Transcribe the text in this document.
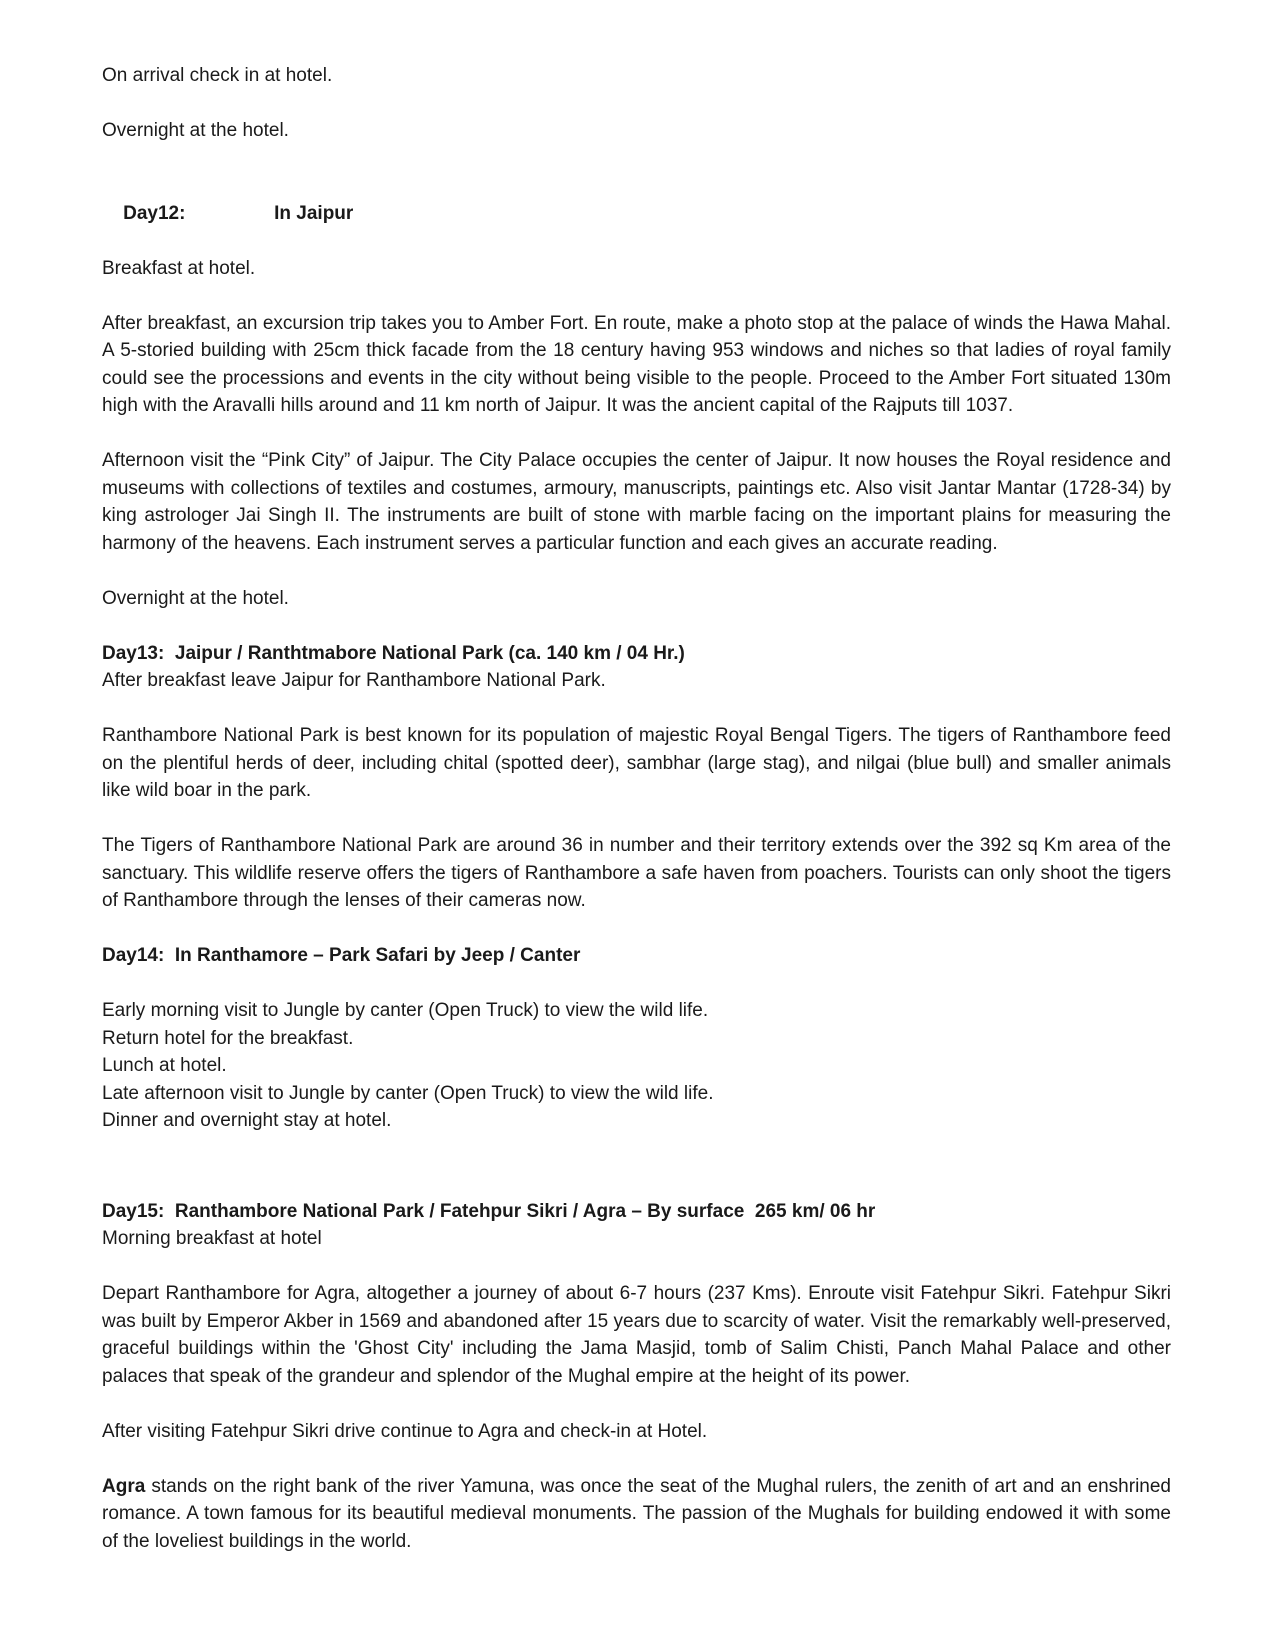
On arrival check in at hotel.
Overnight at the hotel.

Day12:	In Jaipur

Breakfast at hotel.
After breakfast, an excursion trip takes you to Amber Fort. En route, make a photo stop at the palace of winds the Hawa Mahal. A 5-storied building with 25cm thick facade from the 18 century having 953 windows and niches so that ladies of royal family could see the processions and events in the city without being visible to the people. Proceed to the Amber Fort situated 130m high with the Aravalli hills around and 11 km north of Jaipur. It was the ancient capital of the Rajputs till 1037.
Afternoon visit the “Pink City” of Jaipur. The City Palace occupies the center of Jaipur. It now houses the Royal residence and museums with collections of textiles and costumes, armoury, manuscripts, paintings etc. Also visit Jantar Mantar (1728-34) by king astrologer Jai Singh II. The instruments are built of stone with marble facing on the important plains for measuring the harmony of the heavens. Each instrument serves a particular function and each gives an accurate reading.
Overnight at the hotel.
Day13:  Jaipur / Ranthtmabore National Park (ca. 140 km / 04 Hr.)
After breakfast leave Jaipur for Ranthambore National Park.
Ranthambore National Park is best known for its population of majestic Royal Bengal Tigers. The tigers of Ranthambore feed on the plentiful herds of deer, including chital (spotted deer), sambhar (large stag), and nilgai (blue bull) and smaller animals like wild boar in the park.
The Tigers of Ranthambore National Park are around 36 in number and their territory extends over the 392 sq Km area of the sanctuary. This wildlife reserve offers the tigers of Ranthambore a safe haven from poachers. Tourists can only shoot the tigers of Ranthambore through the lenses of their cameras now.
Day14:  In Ranthamore – Park Safari by Jeep / Canter
Early morning visit to Jungle by canter (Open Truck) to view the wild life.
Return hotel for the breakfast.
Lunch at hotel.
Late afternoon visit to Jungle by canter (Open Truck) to view the wild life.
Dinner and overnight stay at hotel.
Day15:  Ranthambore National Park / Fatehpur Sikri / Agra – By surface  265 km/ 06 hr
Morning breakfast at hotel
Depart Ranthambore for Agra, altogether a journey of about 6-7 hours (237 Kms). Enroute visit Fatehpur Sikri. Fatehpur Sikri was built by Emperor Akber in 1569 and abandoned after 15 years due to scarcity of water. Visit the remarkably well-preserved, graceful buildings within the 'Ghost City' including the Jama Masjid, tomb of Salim Chisti, Panch Mahal Palace and other palaces that speak of the grandeur and splendor of the Mughal empire at the height of its power.
After visiting Fatehpur Sikri drive continue to Agra and check-in at Hotel.
Agra stands on the right bank of the river Yamuna, was once the seat of the Mughal rulers, the zenith of art and an enshrined romance. A town famous for its beautiful medieval monuments. The passion of the Mughals for building endowed it with some of the loveliest buildings in the world.
